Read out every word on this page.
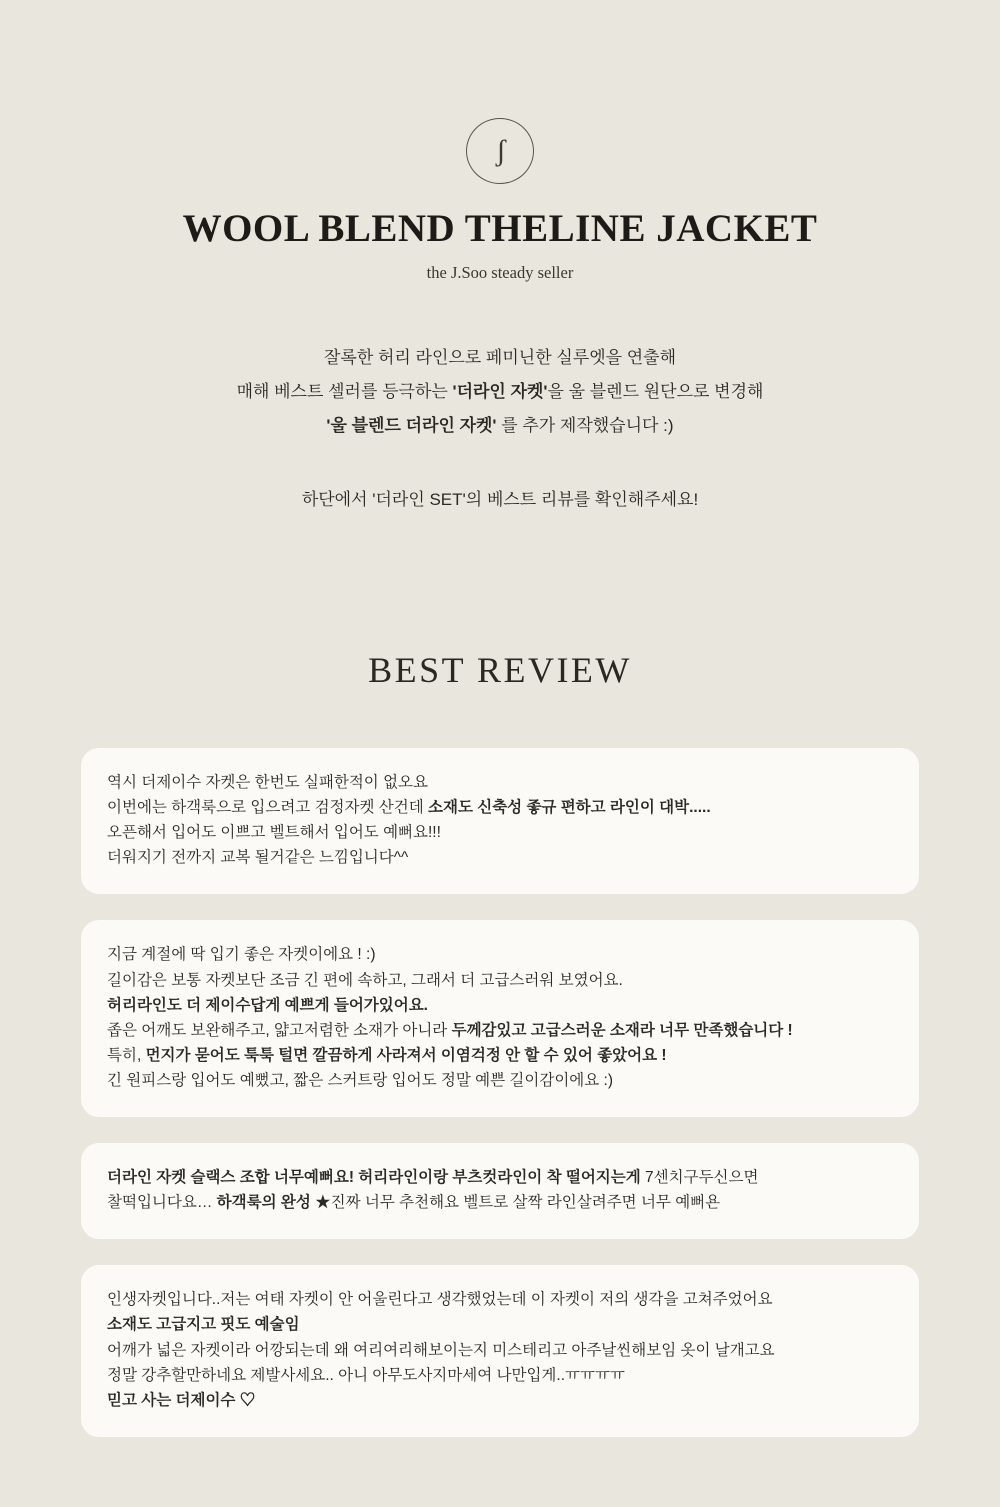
ʃ
WOOL BLEND THELINE JACKET
the J.Soo steady seller
잘록한 허리 라인으로 페미닌한 실루엣을 연출해
매해 베스트 셀러를 등극하는 '더라인 자켓'을 울 블렌드 원단으로 변경해
'울 블렌드 더라인 자켓' 를 추가 제작했습니다 :)
하단에서 '더라인 SET'의 베스트 리뷰를 확인해주세요!
BEST REVIEW
역시 더제이수 자켓은 한번도 실패한적이 없오요
이번에는 하객룩으로 입으려고 검정자켓 산건데 소재도 신축성 좋규 편하고 라인이 대박.....
오픈해서 입어도 이쁘고 벨트해서 입어도 예뻐요!!!
더워지기 전까지 교복 될거같은 느낌입니다^^
지금 계절에 딱 입기 좋은 자켓이에요 ! :)
길이감은 보통 자켓보단 조금 긴 편에 속하고, 그래서 더 고급스러워 보였어요.
허리라인도 더 제이수답게 예쁘게 들어가있어요.
좁은 어깨도 보완해주고, 얇고저렴한 소재가 아니라 두께감있고 고급스러운 소재라 너무 만족했습니다 !
특히, 먼지가 묻어도 툭툭 털면 깔끔하게 사라져서 이염걱정 안 할 수 있어 좋았어요 !
긴 원피스랑 입어도 예뻤고, 짧은 스커트랑 입어도 정말 예쁜 길이감이에요 :)
더라인 자켓 슬랙스 조합 너무예뻐요! 허리라인이랑 부츠컷라인이 착 떨어지는게 7센치구두신으면
찰떡입니다요… 하객룩의 완성 ★진짜 너무 추천해요 벨트로 살짝 라인살려주면 너무 예뻐욘
인생자켓입니다..저는 여태 자켓이 안 어울린다고 생각했었는데 이 자켓이 저의 생각을 고쳐주었어요
소재도 고급지고 핏도 예술임
어깨가 넓은 자켓이라 어깡되는데 왜 여리여리해보이는지 미스테리고 아주날씬해보임 옷이 날개고요
정말 강추할만하네요 제발사세요.. 아니 아무도사지마세여 나만입게..ㅠㅠㅠㅠ
믿고 사는 더제이수 ♡
